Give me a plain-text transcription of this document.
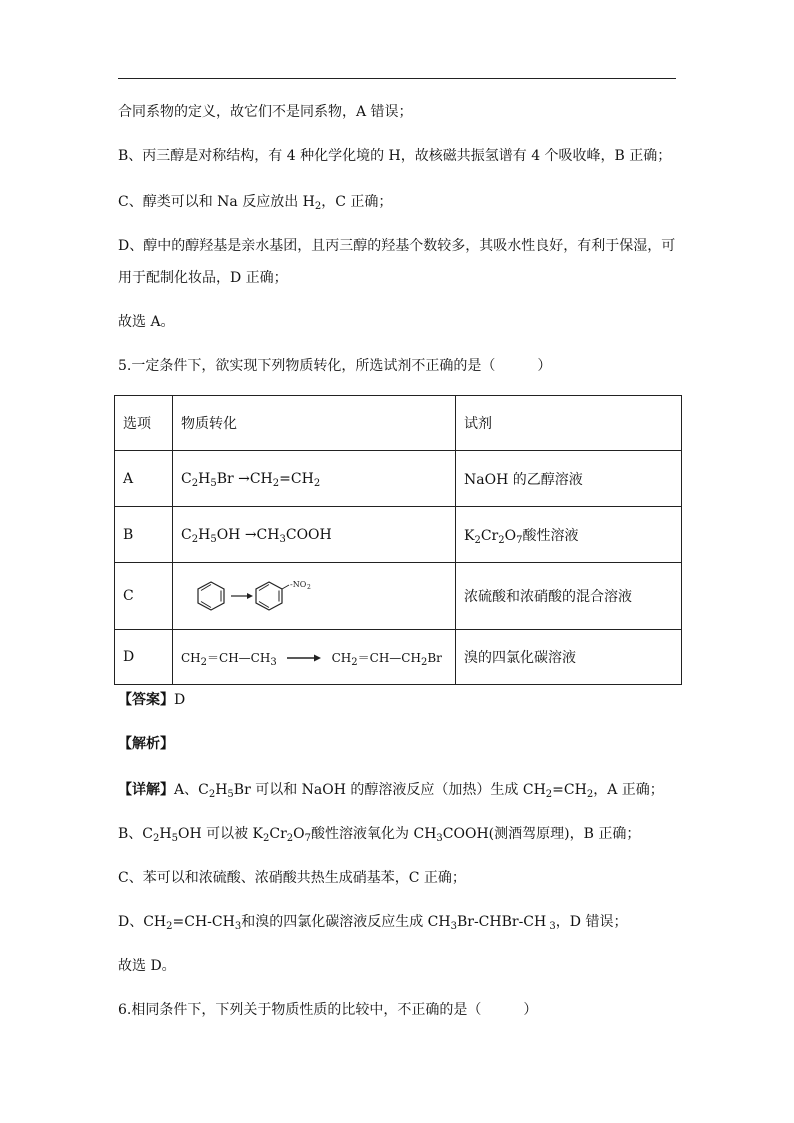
合同系物的定义，故它们不是同系物，A 错误；
B、丙三醇是对称结构，有 4 种化学化境的 H，故核磁共振氢谱有 4 个吸收峰，B 正确；
C、醇类可以和 Na 反应放出 $H_2$，C 正确；
D、醇中的醇羟基是亲水基团，且丙三醇的羟基个数较多，其吸水性良好，有利于保湿，可
用于配制化妆品，D 正确；
故选 A。
5.一定条件下，欲实现下列物质转化，所选试剂不正确的是（　　　）
选项	物质转化	试剂
A	$C_2H_5Br \to CH_2=CH_2$	NaOH 的乙醇溶液
B	$C_2H_5OH$ $\to CH_3COOH$	$K_2Cr_2O_7$酸性溶液
C	-NO 2	浓硫酸和浓硝酸的混合溶液
D	$CH_2=CH—CH_3$ → $CH_2=CH—CH_2Br$	溴的四氯化碳溶液
【答案】D
【解析】
【详解】A、$C_2H_5Br$ 可以和 NaOH 的醇溶液反应（加热）生成 $CH_2=CH_2$，A 正确；
B、$C_2H_5OH$ 可以被 $K_2Cr_2O_7$酸性溶液氧化为 $CH_3COOH$(测酒驾原理)，B 正确；
C、苯可以和浓硫酸、浓硝酸共热生成硝基苯，C 正确；
D、$CH_2=CH-CH_3$和溴的四氯化碳溶液反应生成 $CH_3Br-CHBr-CH$ $_3$，D 错误；
故选 D。
6.相同条件下，下列关于物质性质的比较中，不正确的是（　　　）
